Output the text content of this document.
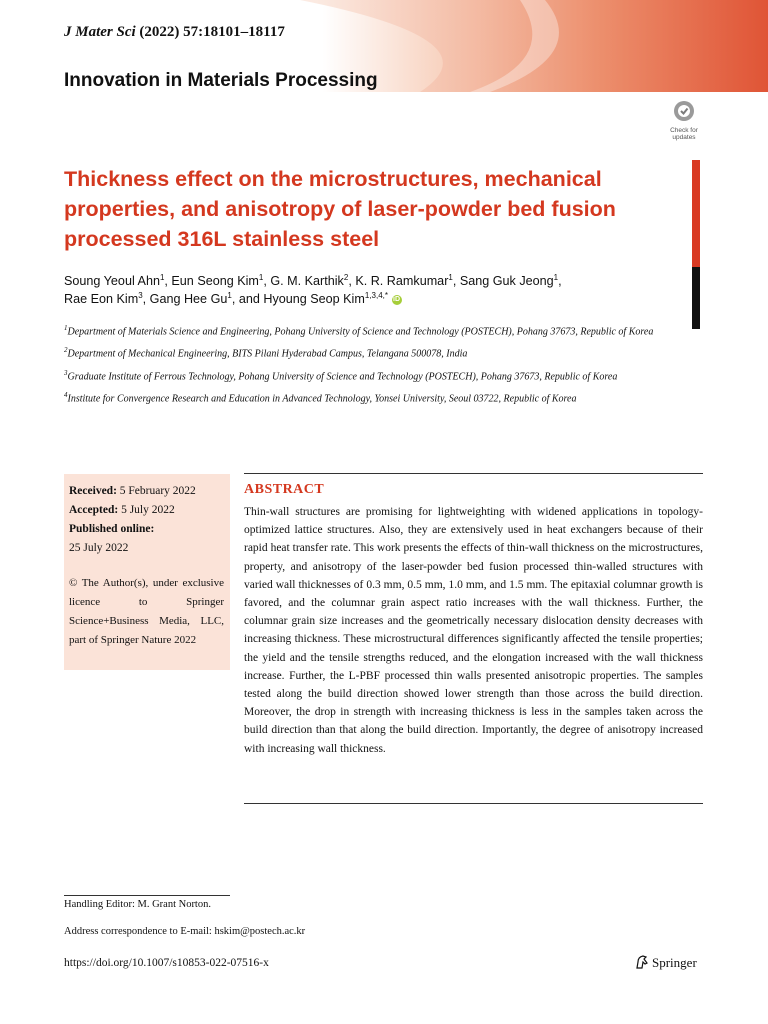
J Mater Sci (2022) 57:18101–18117
Innovation in Materials Processing
Check for updates
Thickness effect on the microstructures, mechanical properties, and anisotropy of laser-powder bed fusion processed 316L stainless steel
Soung Yeoul Ahn$^1$, Eun Seong Kim$^1$, G. M. Karthik$^2$, K. R. Ramkumar$^1$, Sang Guk Jeong$^1$,
Rae Eon Kim$^3$, Gang Hee Gu$^1$, and Hyoung Seop Kim$^{1,3,4,*}$ iD
$^1$Department of Materials Science and Engineering, Pohang University of Science and Technology (POSTECH), Pohang 37673, Republic of Korea
$^2$Department of Mechanical Engineering, BITS Pilani Hyderabad Campus, Telangana 500078, India
$^3$Graduate Institute of Ferrous Technology, Pohang University of Science and Technology (POSTECH), Pohang 37673, Republic of Korea
$^4$Institute for Convergence Research and Education in Advanced Technology, Yonsei University, Seoul 03722, Republic of Korea
Received: 5 February 2022
Accepted: 5 July 2022
Published online:
25 July 2022
© The Author(s), under exclusive licence to Springer Science+Business Media, LLC, part of Springer Nature 2022
ABSTRACT
Thin-wall structures are promising for lightweighting with widened applications in topology-optimized lattice structures. Also, they are extensively used in heat exchangers because of their rapid heat transfer rate. This work presents the effects of thin-wall thickness on the microstructures, property, and anisotropy of the laser-powder bed fusion processed thin-walled structures with varied wall thicknesses of 0.3 mm, 0.5 mm, 1.0 mm, and 1.5 mm. The epitaxial columnar growth is favored, and the columnar grain aspect ratio increases with the wall thickness. Further, the columnar grain size increases and the geometrically necessary dislocation density decreases with increasing thickness. These microstructural differences significantly affected the tensile properties; the yield and the tensile strengths reduced, and the elongation increased with the wall thickness increase. Further, the L-PBF processed thin walls presented anisotropic properties. The samples tested along the build direction showed lower strength than those across the build direction. Moreover, the drop in strength with increasing thickness is less in the samples taken across the build direction than that along the build direction. Importantly, the degree of anisotropy increased with increasing wall thickness.
Handling Editor: M. Grant Norton.
Address correspondence to E-mail: hskim@postech.ac.kr
https://doi.org/10.1007/s10853-022-07516-x	Springer
